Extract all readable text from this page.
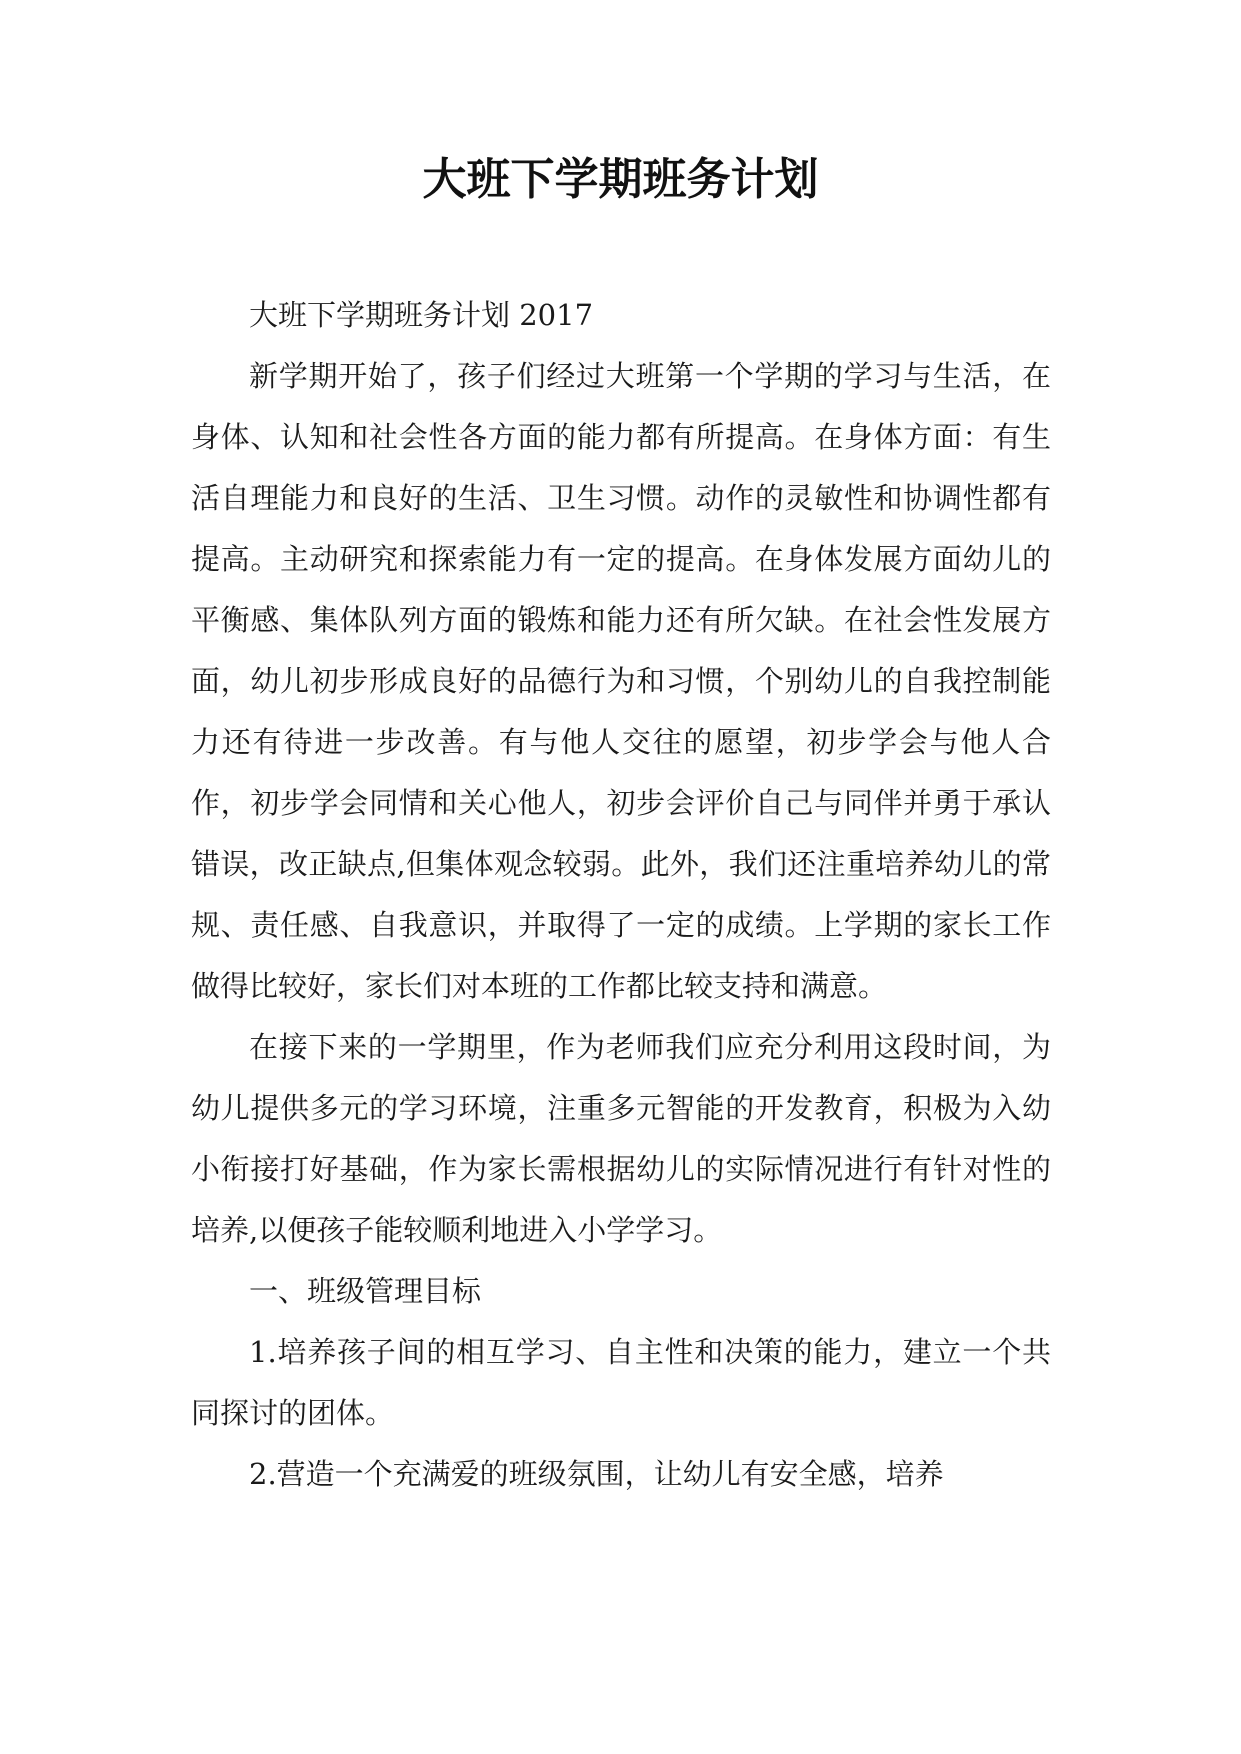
大班下学期班务计划

大班下学期班务计划 2017

新学期开始了，孩子们经过大班第一个学期的学习与生活，在身体、认知和社会性各方面的能力都有所提高。在身体方面：有生活自理能力和良好的生活、卫生习惯。动作的灵敏性和协调性都有提高。主动研究和探索能力有一定的提高。在身体发展方面幼儿的平衡感、集体队列方面的锻炼和能力还有所欠缺。在社会性发展方面，幼儿初步形成良好的品德行为和习惯，个别幼儿的自我控制能力还有待进一步改善。有与他人交往的愿望，初步学会与他人合作，初步学会同情和关心他人，初步会评价自己与同伴并勇于承认错误，改正缺点,但集体观念较弱。此外，我们还注重培养幼儿的常规、责任感、自我意识，并取得了一定的成绩。上学期的家长工作做得比较好，家长们对本班的工作都比较支持和满意。

在接下来的一学期里，作为老师我们应充分利用这段时间，为幼儿提供多元的学习环境，注重多元智能的开发教育，积极为入幼小衔接打好基础，作为家长需根据幼儿的实际情况进行有针对性的培养,以便孩子能较顺利地进入小学学习。

一、班级管理目标

1.培养孩子间的相互学习、自主性和决策的能力，建立一个共同探讨的团体。

2.营造一个充满爱的班级氛围，让幼儿有安全感，培养
